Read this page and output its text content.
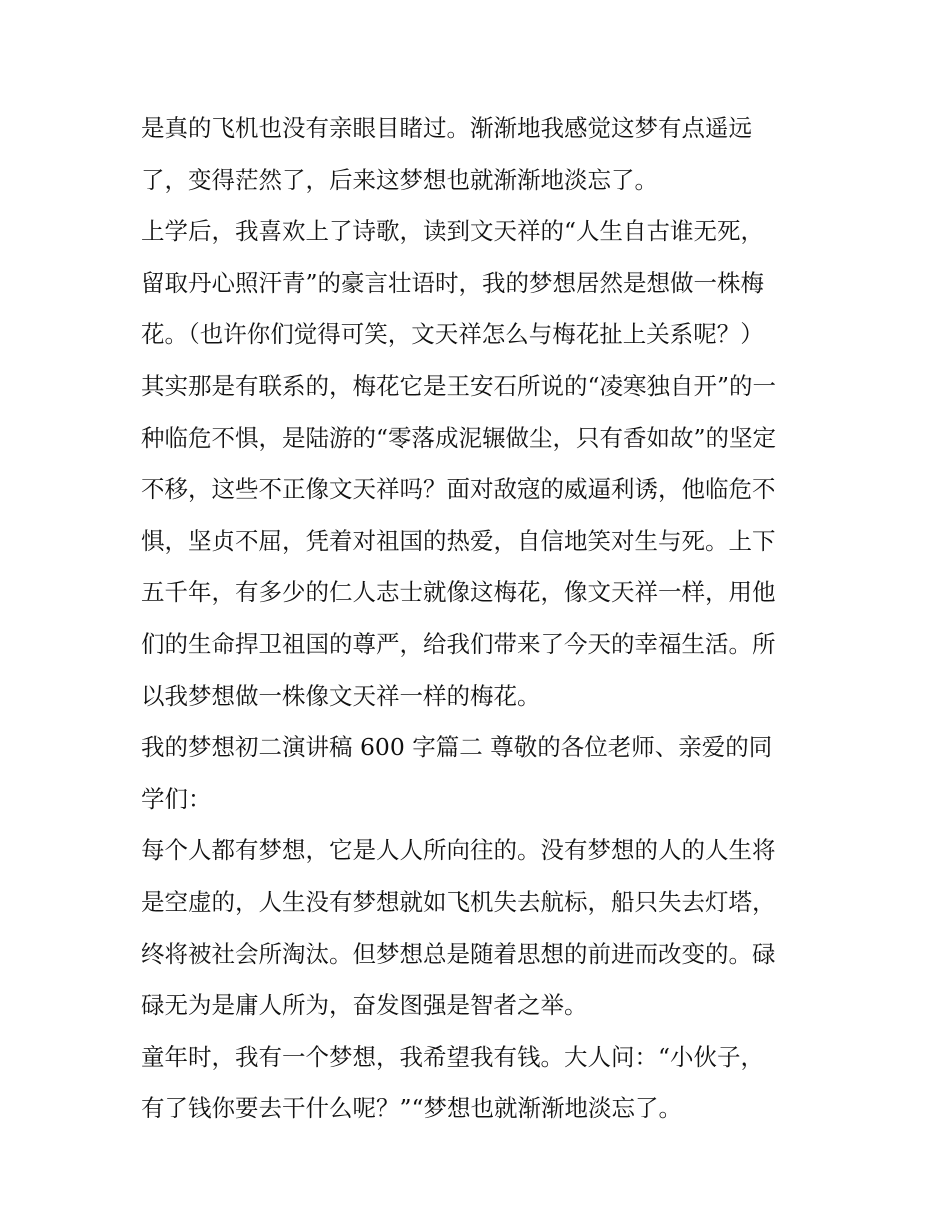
是真的飞机也没有亲眼目睹过。渐渐地我感觉这梦有点遥远
了，变得茫然了，后来这梦想也就渐渐地淡忘了。
上学后，我喜欢上了诗歌，读到文天祥的“人生自古谁无死，
留取丹心照汗青”的豪言壮语时，我的梦想居然是想做一株梅
花。（也许你们觉得可笑，文天祥怎么与梅花扯上关系呢？）
其实那是有联系的，梅花它是王安石所说的“凌寒独自开”的一
种临危不惧，是陆游的“零落成泥辗做尘，只有香如故”的坚定
不移，这些不正像文天祥吗？面对敌寇的威逼利诱，他临危不
惧，坚贞不屈，凭着对祖国的热爱，自信地笑对生与死。上下
五千年，有多少的仁人志士就像这梅花，像文天祥一样，用他
们的生命捍卫祖国的尊严，给我们带来了今天的幸福生活。所
以我梦想做一株像文天祥一样的梅花。
我的梦想初二演讲稿 600 字篇二 尊敬的各位老师、亲爱的同
学们：
每个人都有梦想，它是人人所向往的。没有梦想的人的人生将
是空虚的，人生没有梦想就如飞机失去航标，船只失去灯塔，
终将被社会所淘汰。但梦想总是随着思想的前进而改变的。碌
碌无为是庸人所为，奋发图强是智者之举。
童年时，我有一个梦想，我希望我有钱。大人问：“小伙子，
有了钱你要去干什么呢？”“梦想也就渐渐地淡忘了。
